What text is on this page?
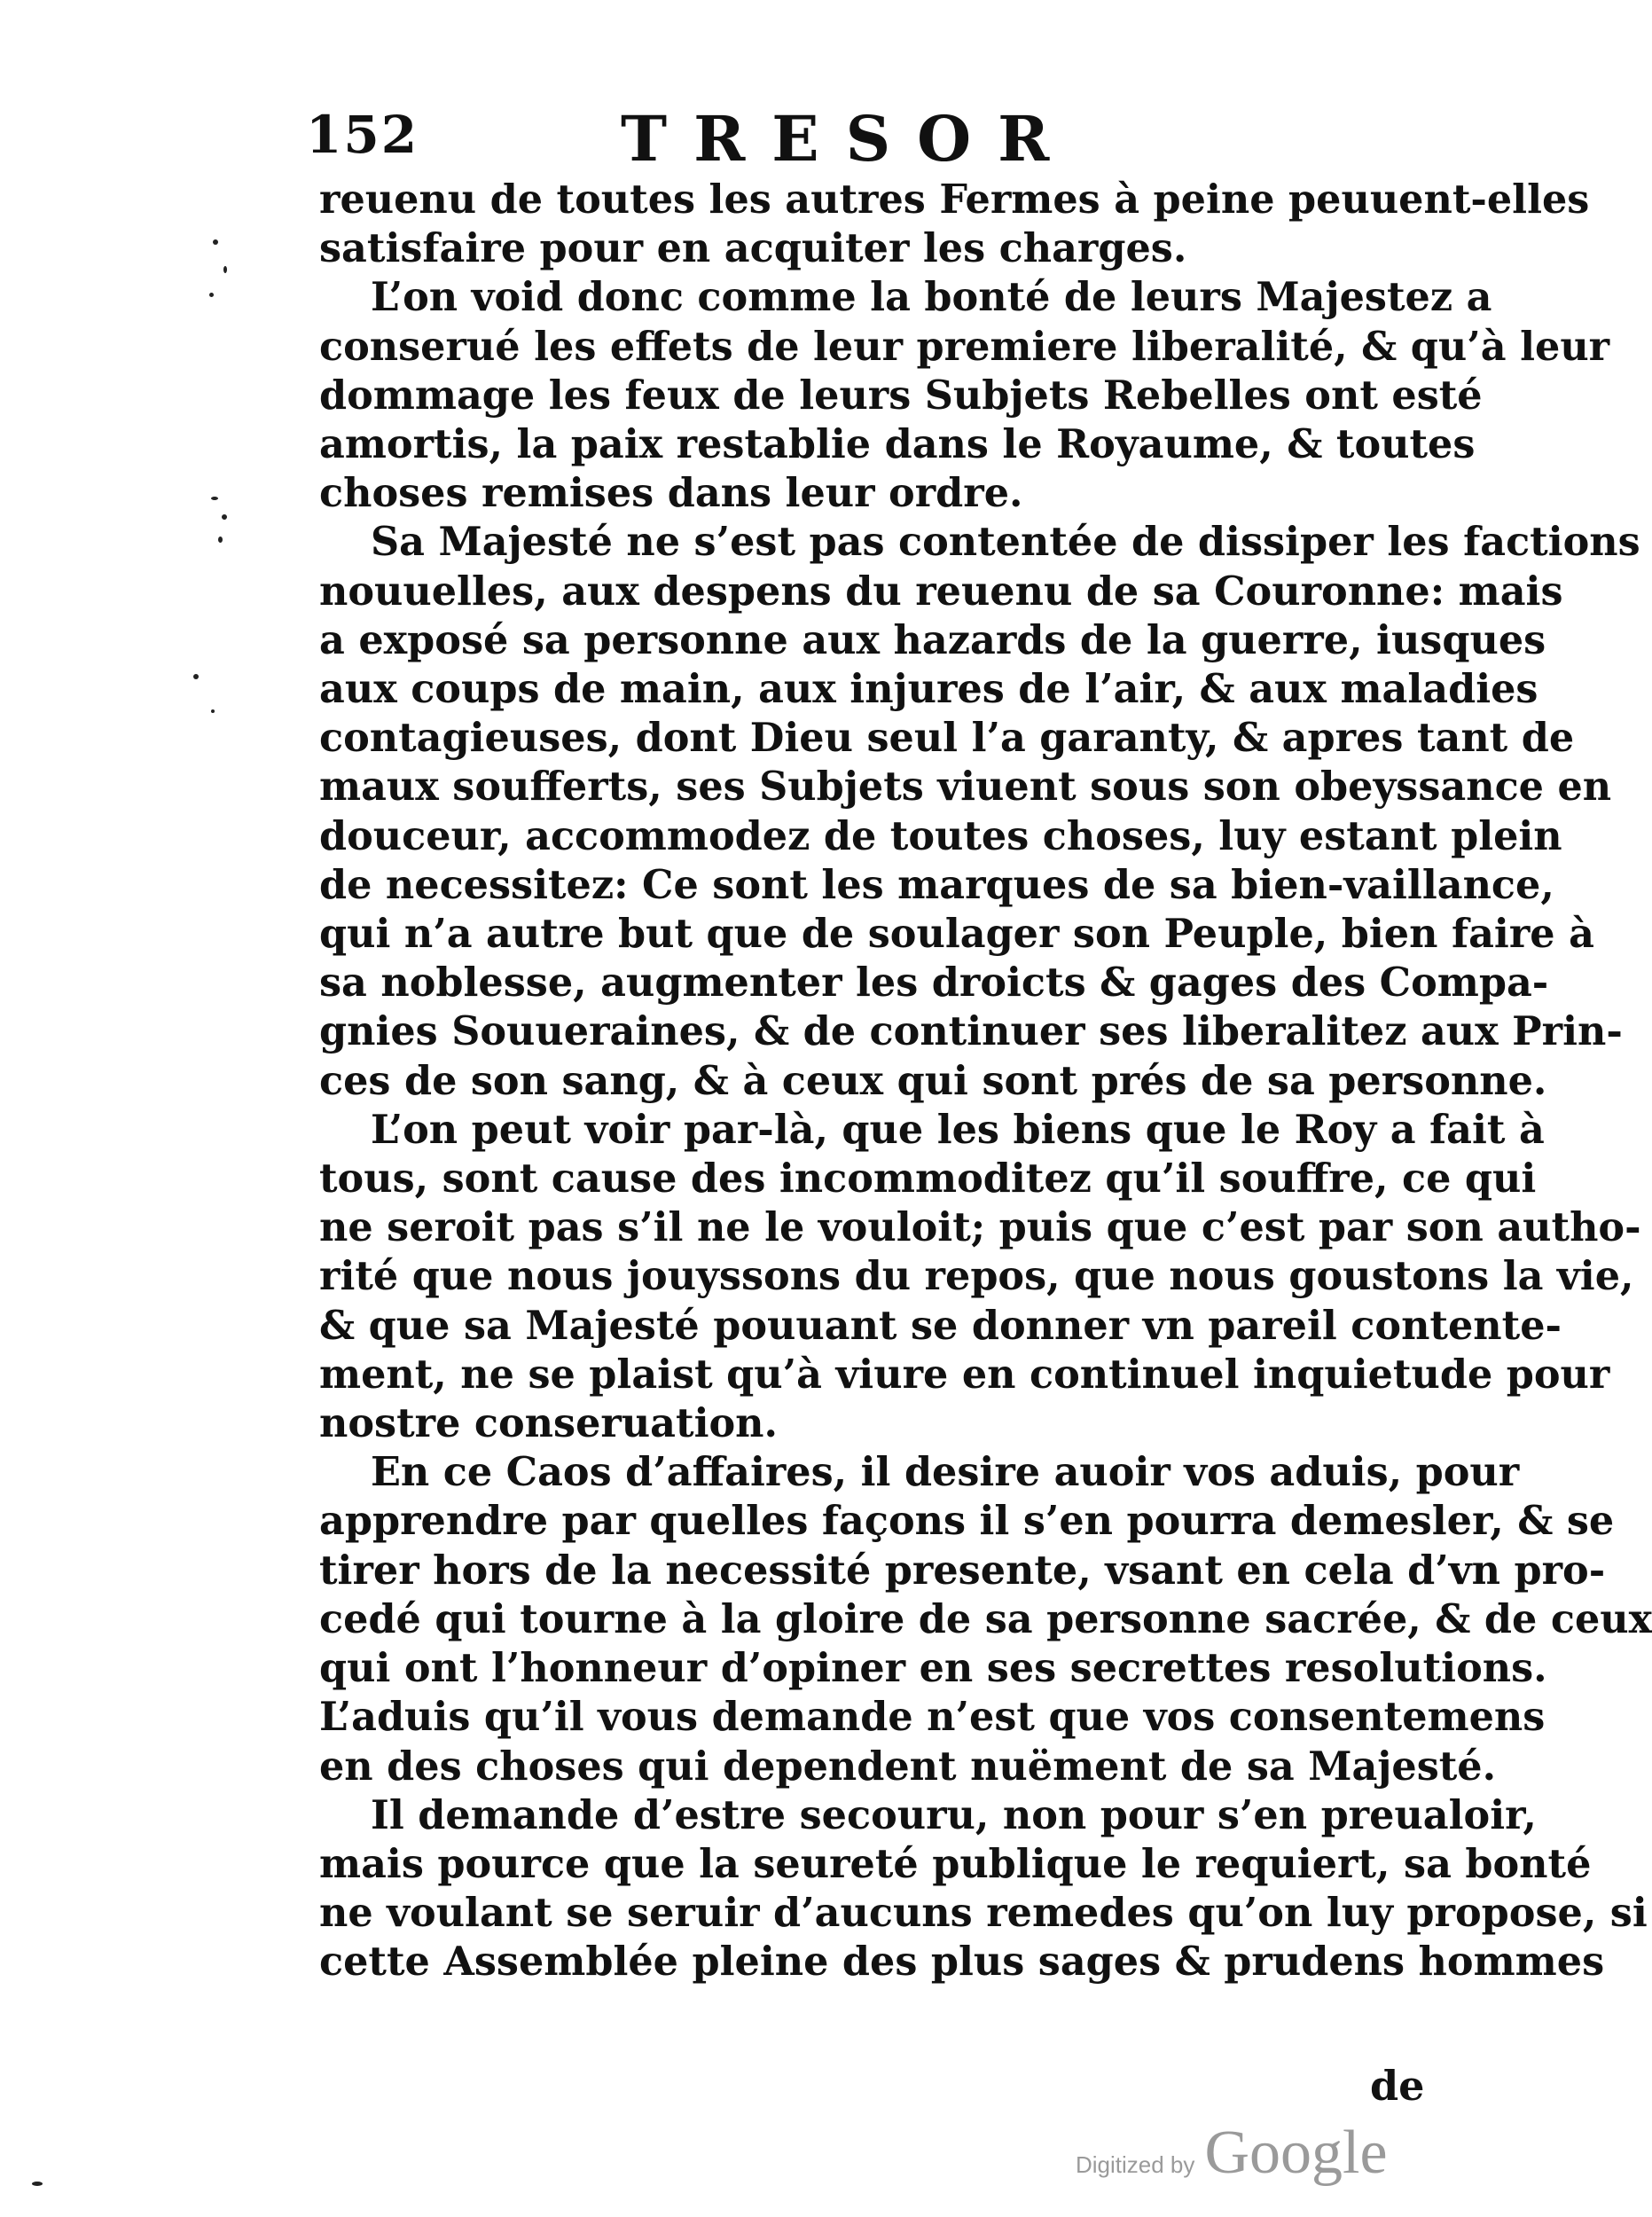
152	TRESOR
reuenu de toutes les autres Fermes à peine peuuent-elles
satisfaire pour en acquiter les charges.
L’on void donc comme la bonté de leurs Majestez a
conserué les effets de leur premiere liberalité, & qu’à leur
dommage les feux de leurs Subjets Rebelles ont esté
amortis, la paix restablie dans le Royaume, & toutes
choses remises dans leur ordre.
Sa Majesté ne s’est pas contentée de dissiper les factions
nouuelles, aux despens du reuenu de sa Couronne: mais
a exposé sa personne aux hazards de la guerre, iusques
aux coups de main, aux injures de l’air, & aux maladies
contagieuses, dont Dieu seul l’a garanty, & apres tant de
maux soufferts, ses Subjets viuent sous son obeyssance en
douceur, accommodez de toutes choses, luy estant plein
de necessitez: Ce sont les marques de sa bien-vaillance,
qui n’a autre but que de soulager son Peuple, bien faire à
sa noblesse, augmenter les droicts & gages des Compa-
gnies Souueraines, & de continuer ses liberalitez aux Prin-
ces de son sang, & à ceux qui sont prés de sa personne.
L’on peut voir par-là, que les biens que le Roy a fait à
tous, sont cause des incommoditez qu’il souffre, ce qui
ne seroit pas s’il ne le vouloit; puis que c’est par son autho-
rité que nous jouyssons du repos, que nous goustons la vie,
& que sa Majesté pouuant se donner vn pareil contente-
ment, ne se plaist qu’à viure en continuel inquietude pour
nostre conseruation.
En ce Caos d’affaires, il desire auoir vos aduis, pour
apprendre par quelles façons il s’en pourra demesler, & se
tirer hors de la necessité presente, vsant en cela d’vn pro-
cedé qui tourne à la gloire de sa personne sacrée, & de ceux
qui ont l’honneur d’opiner en ses secrettes resolutions.
L’aduis qu’il vous demande n’est que vos consentemens
en des choses qui dependent nuëment de sa Majesté.
Il demande d’estre secouru, non pour s’en preualoir,
mais pource que la seureté publique le requiert, sa bonté
ne voulant se seruir d’aucuns remedes qu’on luy propose, si
cette Assemblée pleine des plus sages & prudens hommes
de
Digitized by Google
